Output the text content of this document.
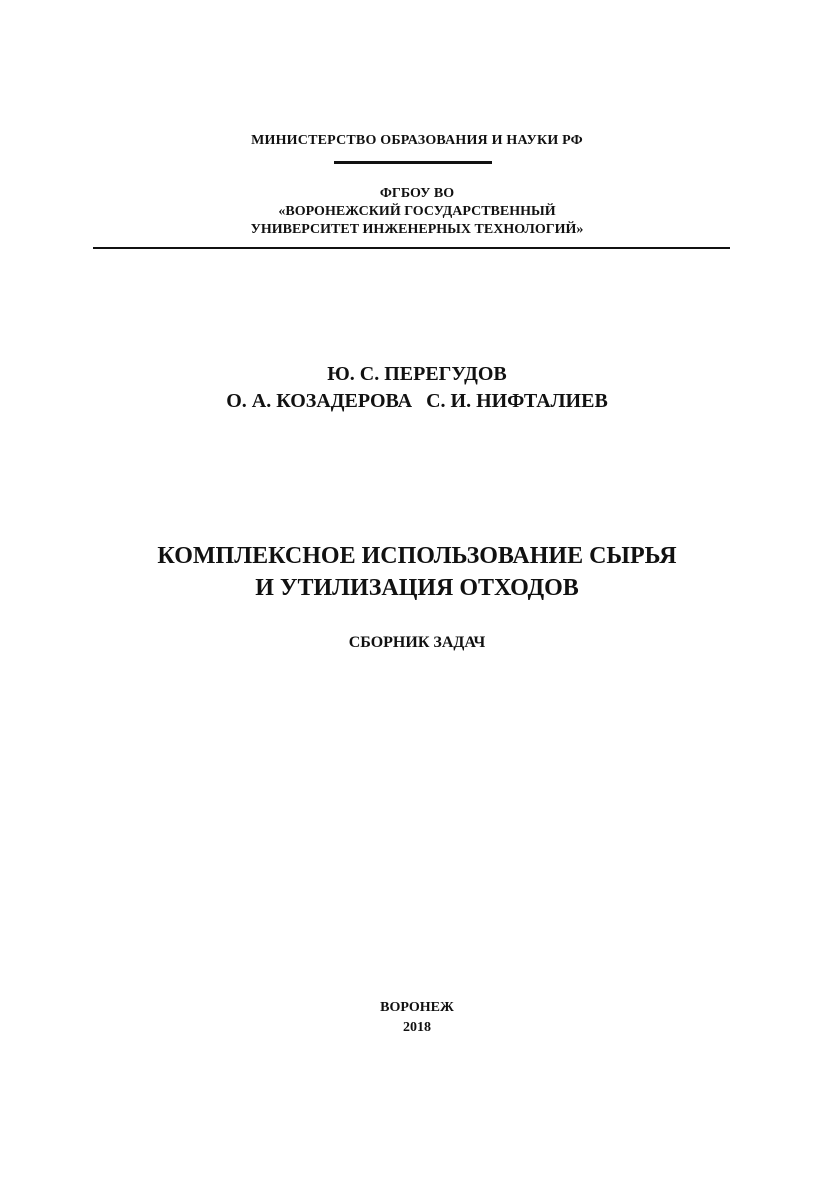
МИНИСТЕРСТВО ОБРАЗОВАНИЯ И НАУКИ РФ
ФГБОУ ВО
«ВОРОНЕЖСКИЙ ГОСУДАРСТВЕННЫЙ
УНИВЕРСИТЕТ ИНЖЕНЕРНЫХ ТЕХНОЛОГИЙ»
Ю. С. ПЕРЕГУДОВ
О. А. КОЗАДЕРОВА С. И. НИФТАЛИЕВ
КОМПЛЕКСНОЕ ИСПОЛЬЗОВАНИЕ СЫРЬЯ
И УТИЛИЗАЦИЯ ОТХОДОВ
СБОРНИК ЗАДАЧ
ВОРОНЕЖ
2018
